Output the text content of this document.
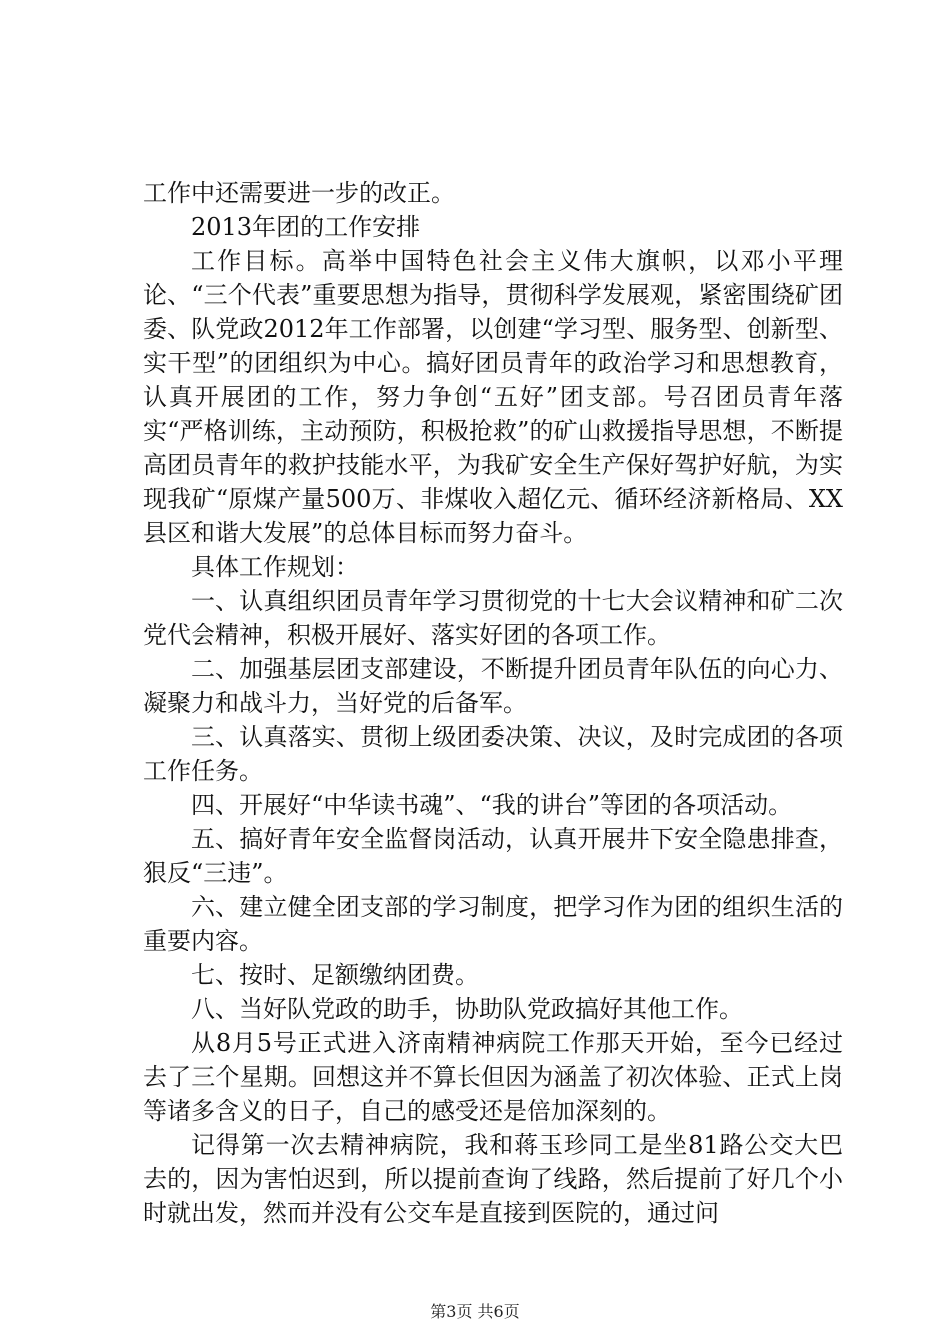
工作中还需要进一步的改正。

2013年团的工作安排

工作目标。高举中国特色社会主义伟大旗帜，以邓小平理论、“三个代表”重要思想为指导，贯彻科学发展观，紧密围绕矿团委、队党政2012年工作部署，以创建“学习型、服务型、创新型、实干型”的团组织为中心。搞好团员青年的政治学习和思想教育，认真开展团的工作，努力争创“五好”团支部。号召团员青年落实“严格训练，主动预防，积极抢救”的矿山救援指导思想，不断提高团员青年的救护技能水平，为我矿安全生产保好驾护好航，为实现我矿“原煤产量500万、非煤收入超亿元、循环经济新格局、XX县区和谐大发展”的总体目标而努力奋斗。

具体工作规划：

一、认真组织团员青年学习贯彻党的十七大会议精神和矿二次党代会精神，积极开展好、落实好团的各项工作。

二、加强基层团支部建设，不断提升团员青年队伍的向心力、凝聚力和战斗力，当好党的后备军。

三、认真落实、贯彻上级团委决策、决议，及时完成团的各项工作任务。

四、开展好“中华读书魂”、“我的讲台”等团的各项活动。

五、搞好青年安全监督岗活动，认真开展井下安全隐患排查，狠反“三违”。

六、建立健全团支部的学习制度，把学习作为团的组织生活的重要内容。

七、按时、足额缴纳团费。

八、当好队党政的助手，协助队党政搞好其他工作。

从8月5号正式进入济南精神病院工作那天开始，至今已经过去了三个星期。回想这并不算长但因为涵盖了初次体验、正式上岗等诸多含义的日子，自己的感受还是倍加深刻的。

记得第一次去精神病院，我和蒋玉珍同工是坐81路公交大巴去的，因为害怕迟到，所以提前查询了线路，然后提前了好几个小时就出发，然而并没有公交车是直接到医院的，通过问

第3页 共6页
